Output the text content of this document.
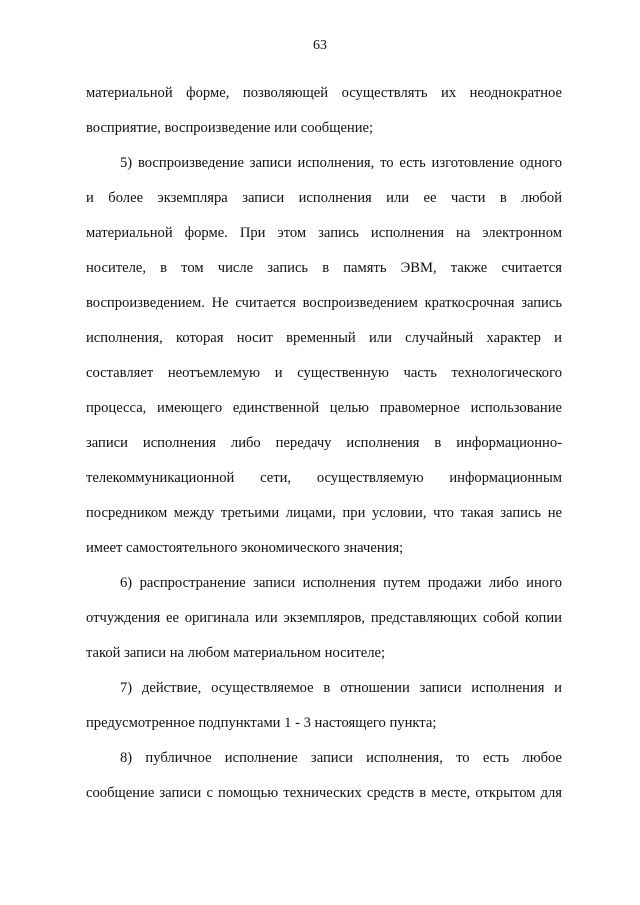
63
материальной форме, позволяющей осуществлять их неоднократное
восприятие, воспроизведение или сообщение;
5) воспроизведение записи исполнения, то есть изготовление одного
и более экземпляра записи исполнения или ее части в любой
материальной форме. При этом запись исполнения на электронном
носителе, в том числе запись в память ЭВМ, также считается
воспроизведением. Не считается воспроизведением краткосрочная запись
исполнения, которая носит временный или случайный характер и
составляет неотъемлемую и существенную часть технологического
процесса, имеющего единственной целью правомерное использование
записи исполнения либо передачу исполнения в информационно-
телекоммуникационной сети, осуществляемую информационным
посредником между третьими лицами, при условии, что такая запись не
имеет самостоятельного экономического значения;
6) распространение записи исполнения путем продажи либо иного
отчуждения ее оригинала или экземпляров, представляющих собой копии
такой записи на любом материальном носителе;
7) действие, осуществляемое в отношении записи исполнения и
предусмотренное подпунктами 1 - 3 настоящего пункта;
8) публичное исполнение записи исполнения, то есть любое
сообщение записи с помощью технических средств в месте, открытом для
